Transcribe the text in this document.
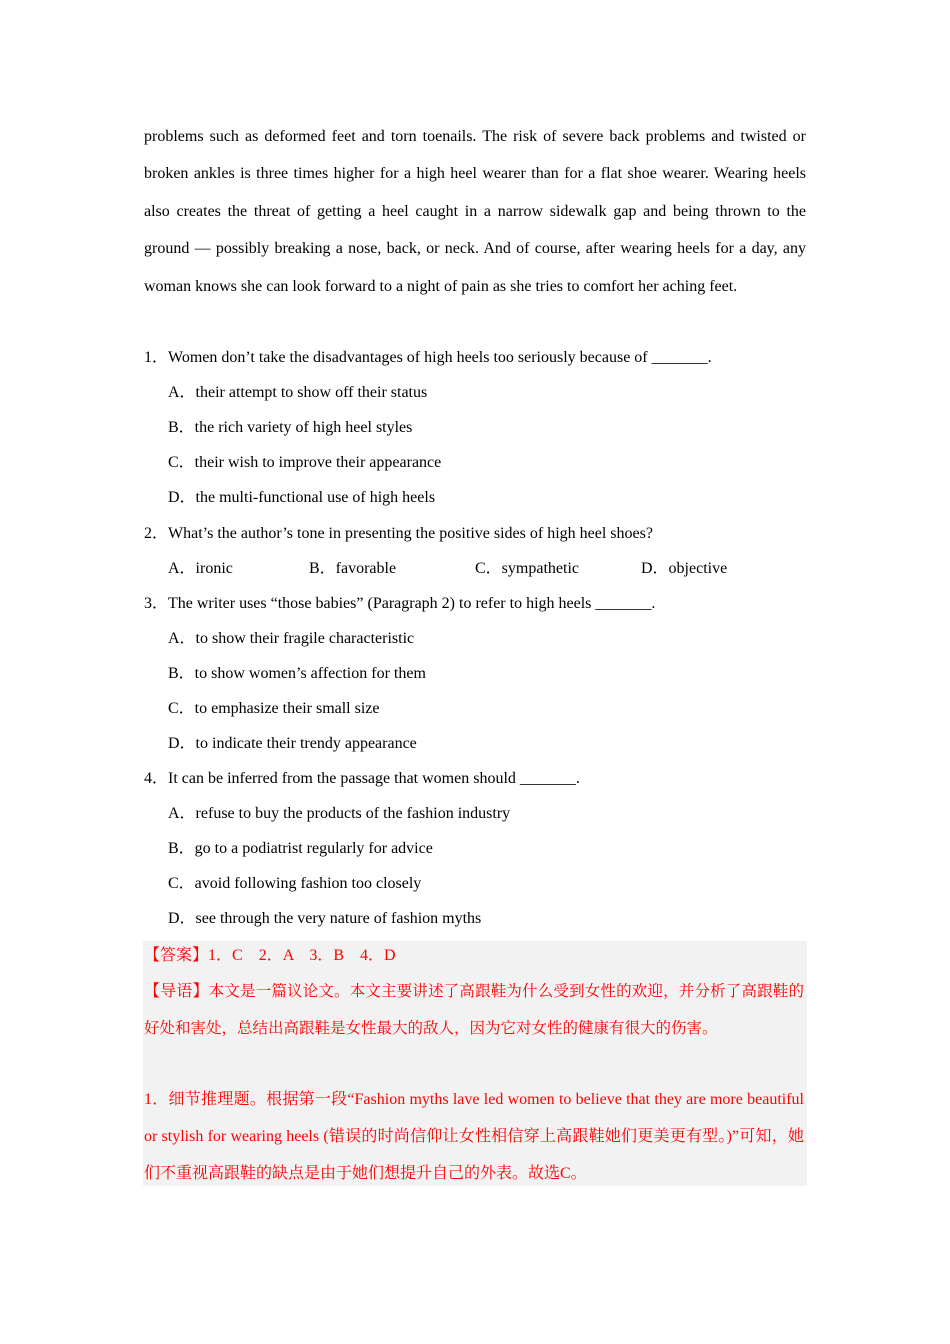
problems such as deformed feet and torn toenails. The risk of severe back problems and twisted or broken ankles is three times higher for a high heel wearer than for a flat shoe wearer. Wearing heels also creates the threat of getting a heel caught in a narrow sidewalk gap and being thrown to the ground — possibly breaking a nose, back, or neck. And of course, after wearing heels for a day, any woman knows she can look forward to a night of pain as she tries to comfort her aching feet.

1．Women don’t take the disadvantages of high heels too seriously because of _______.
A．their attempt to show off their status
B．the rich variety of high heel styles
C．their wish to improve their appearance
D．the multi-functional use of high heels
2．What’s the author’s tone in presenting the positive sides of high heel shoes?
A．ironic	B．favorable	C．sympathetic	D．objective
3．The writer uses “those babies” (Paragraph 2) to refer to high heels _______.
A．to show their fragile characteristic
B．to show women’s affection for them
C．to emphasize their small size
D．to indicate their trendy appearance
4．It can be inferred from the passage that women should _______.
A．refuse to buy the products of the fashion industry
B．go to a podiatrist regularly for advice
C．avoid following fashion too closely
D．see through the very nature of fashion myths
【答案】1．C　2．A　3．B　4．D

【导语】本文是一篇议论文。本文主要讲述了高跟鞋为什么受到女性的欢迎，并分析了高跟鞋的好处和害处，总结出高跟鞋是女性最大的敌人，因为它对女性的健康有很大的伤害。

1．细节推理题。根据第一段“Fashion myths lave led women to believe that they are more beautiful or stylish for wearing heels (错误的时尚信仰让女性相信穿上高跟鞋她们更美更有型。)”可知，她们不重视高跟鞋的缺点是由于她们想提升自己的外表。故选C。
